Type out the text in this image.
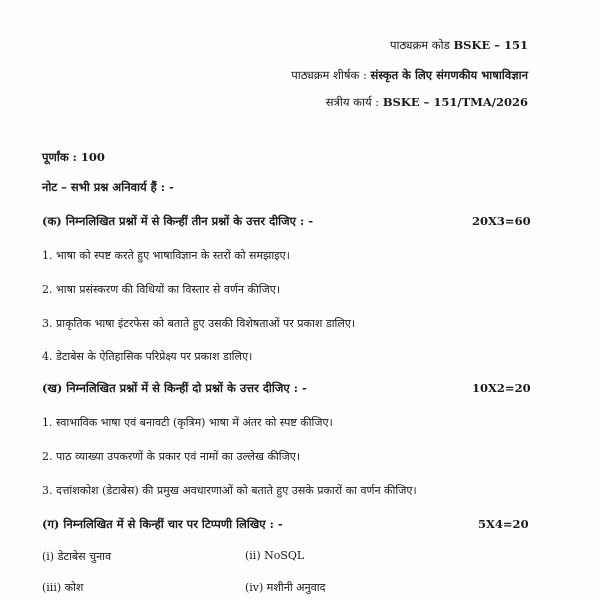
पाठ्यक्रम कोड BSKE – 151
पाठ्यक्रम शीर्षक : संस्कृत के लिए संगणकीय भाषाविज्ञान
सत्रीय कार्य : BSKE – 151/TMA/2026
पूर्णांक : 100
नोट – सभी प्रश्न अनिवार्य हैं : -
(क) निम्नलिखित प्रश्नों में से किन्हीं तीन प्रश्नों के उत्तर दीजिए : -	20X3=60
1. भाषा को स्पष्ट करते हुए भाषाविज्ञान के स्तरों को समझाइए।
2. भाषा प्रसंस्करण की विधियों का विस्तार से वर्णन कीजिए।
3. प्राकृतिक भाषा इंटरफेस को बताते हुए उसकी विशेषताओं पर प्रकाश डालिए।
4. डेटाबेस के ऐतिहासिक परिप्रेक्ष्य पर प्रकाश डालिए।
(ख) निम्नलिखित प्रश्नों में से किन्हीं दो प्रश्नों के उत्तर दीजिए : -	10X2=20
1. स्वाभाविक भाषा एवं बनावटी (कृत्रिम) भाषा में अंतर को स्पष्ट कीजिए।
2. पाठ व्याख्या उपकरणों के प्रकार एवं नामों का उल्लेख कीजिए।
3. दत्तांशकोश (डेटाबेस) की प्रमुख अवधारणाओं को बताते हुए उसके प्रकारों का वर्णन कीजिए।
(ग) निम्नलिखित में से किन्हीं चार पर टिप्पणी लिखिए : -	5X4=20
(i) डेटाबेस चुनाव	(ii) NoSQL
(iii) कोश	(iv) मशीनी अनुवाद
